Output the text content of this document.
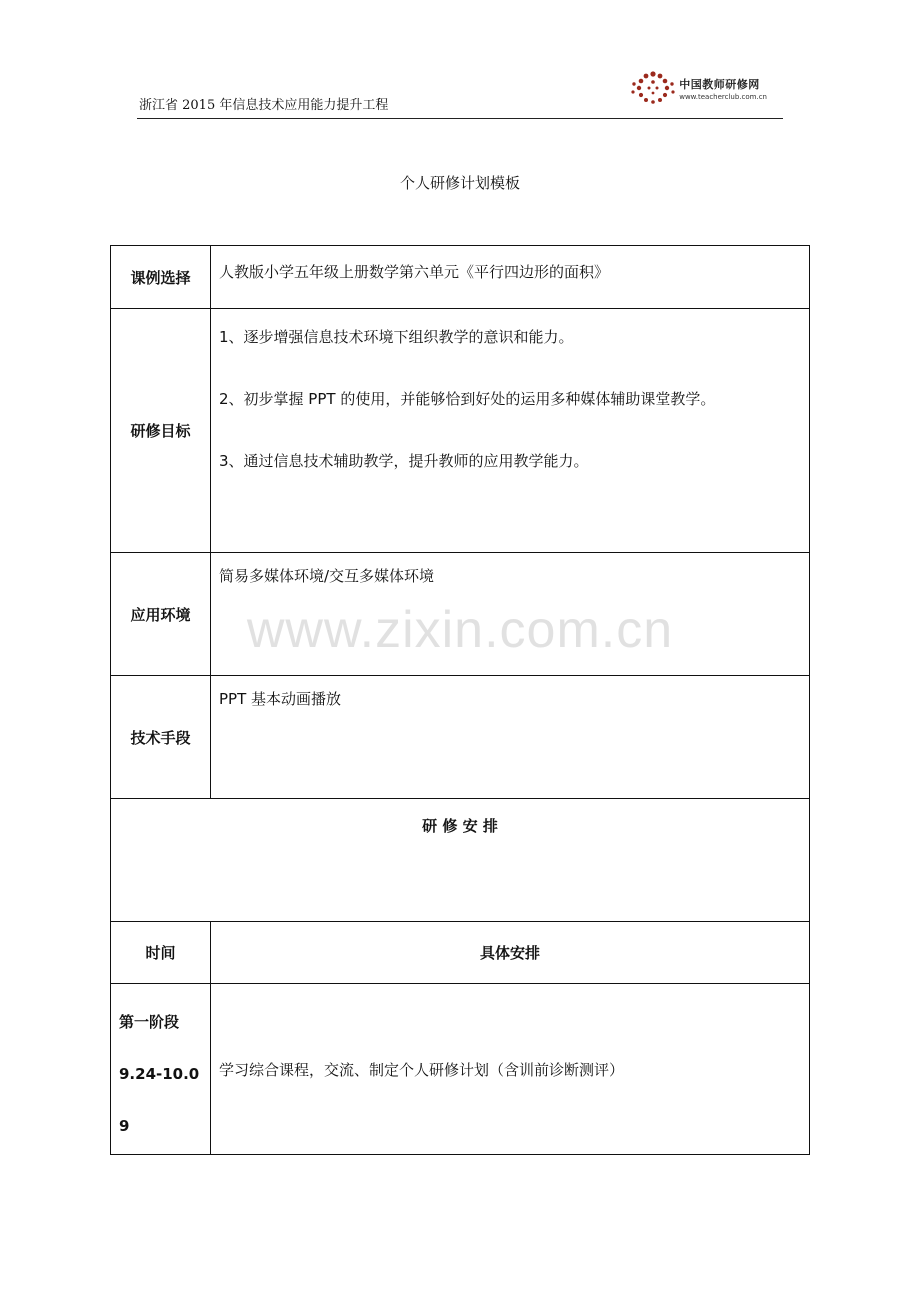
浙江省 2015 年信息技术应用能力提升工程
中国教师研修网
www.teacherclub.com.cn
个人研修计划模板
课例选择	人教版小学五年级上册数学第六单元《平行四边形的面积》
研修目标	1、逐步增强信息技术环境下组织教学的意识和能力。

2、初步掌握 PPT 的使用，并能够恰到好处的运用多种媒体辅助课堂教学。

3、通过信息技术辅助教学，提升教师的应用教学能力。

应用环境	简易多媒体环境/交互多媒体环境
技术手段	PPT 基本动画播放
研 修 安 排	
时间	具体安排

第一阶段
9.24-10.0
9	学习综合课程，交流、制定个人研修计划（含训前诊断测评）
www.zixin.com.cn
